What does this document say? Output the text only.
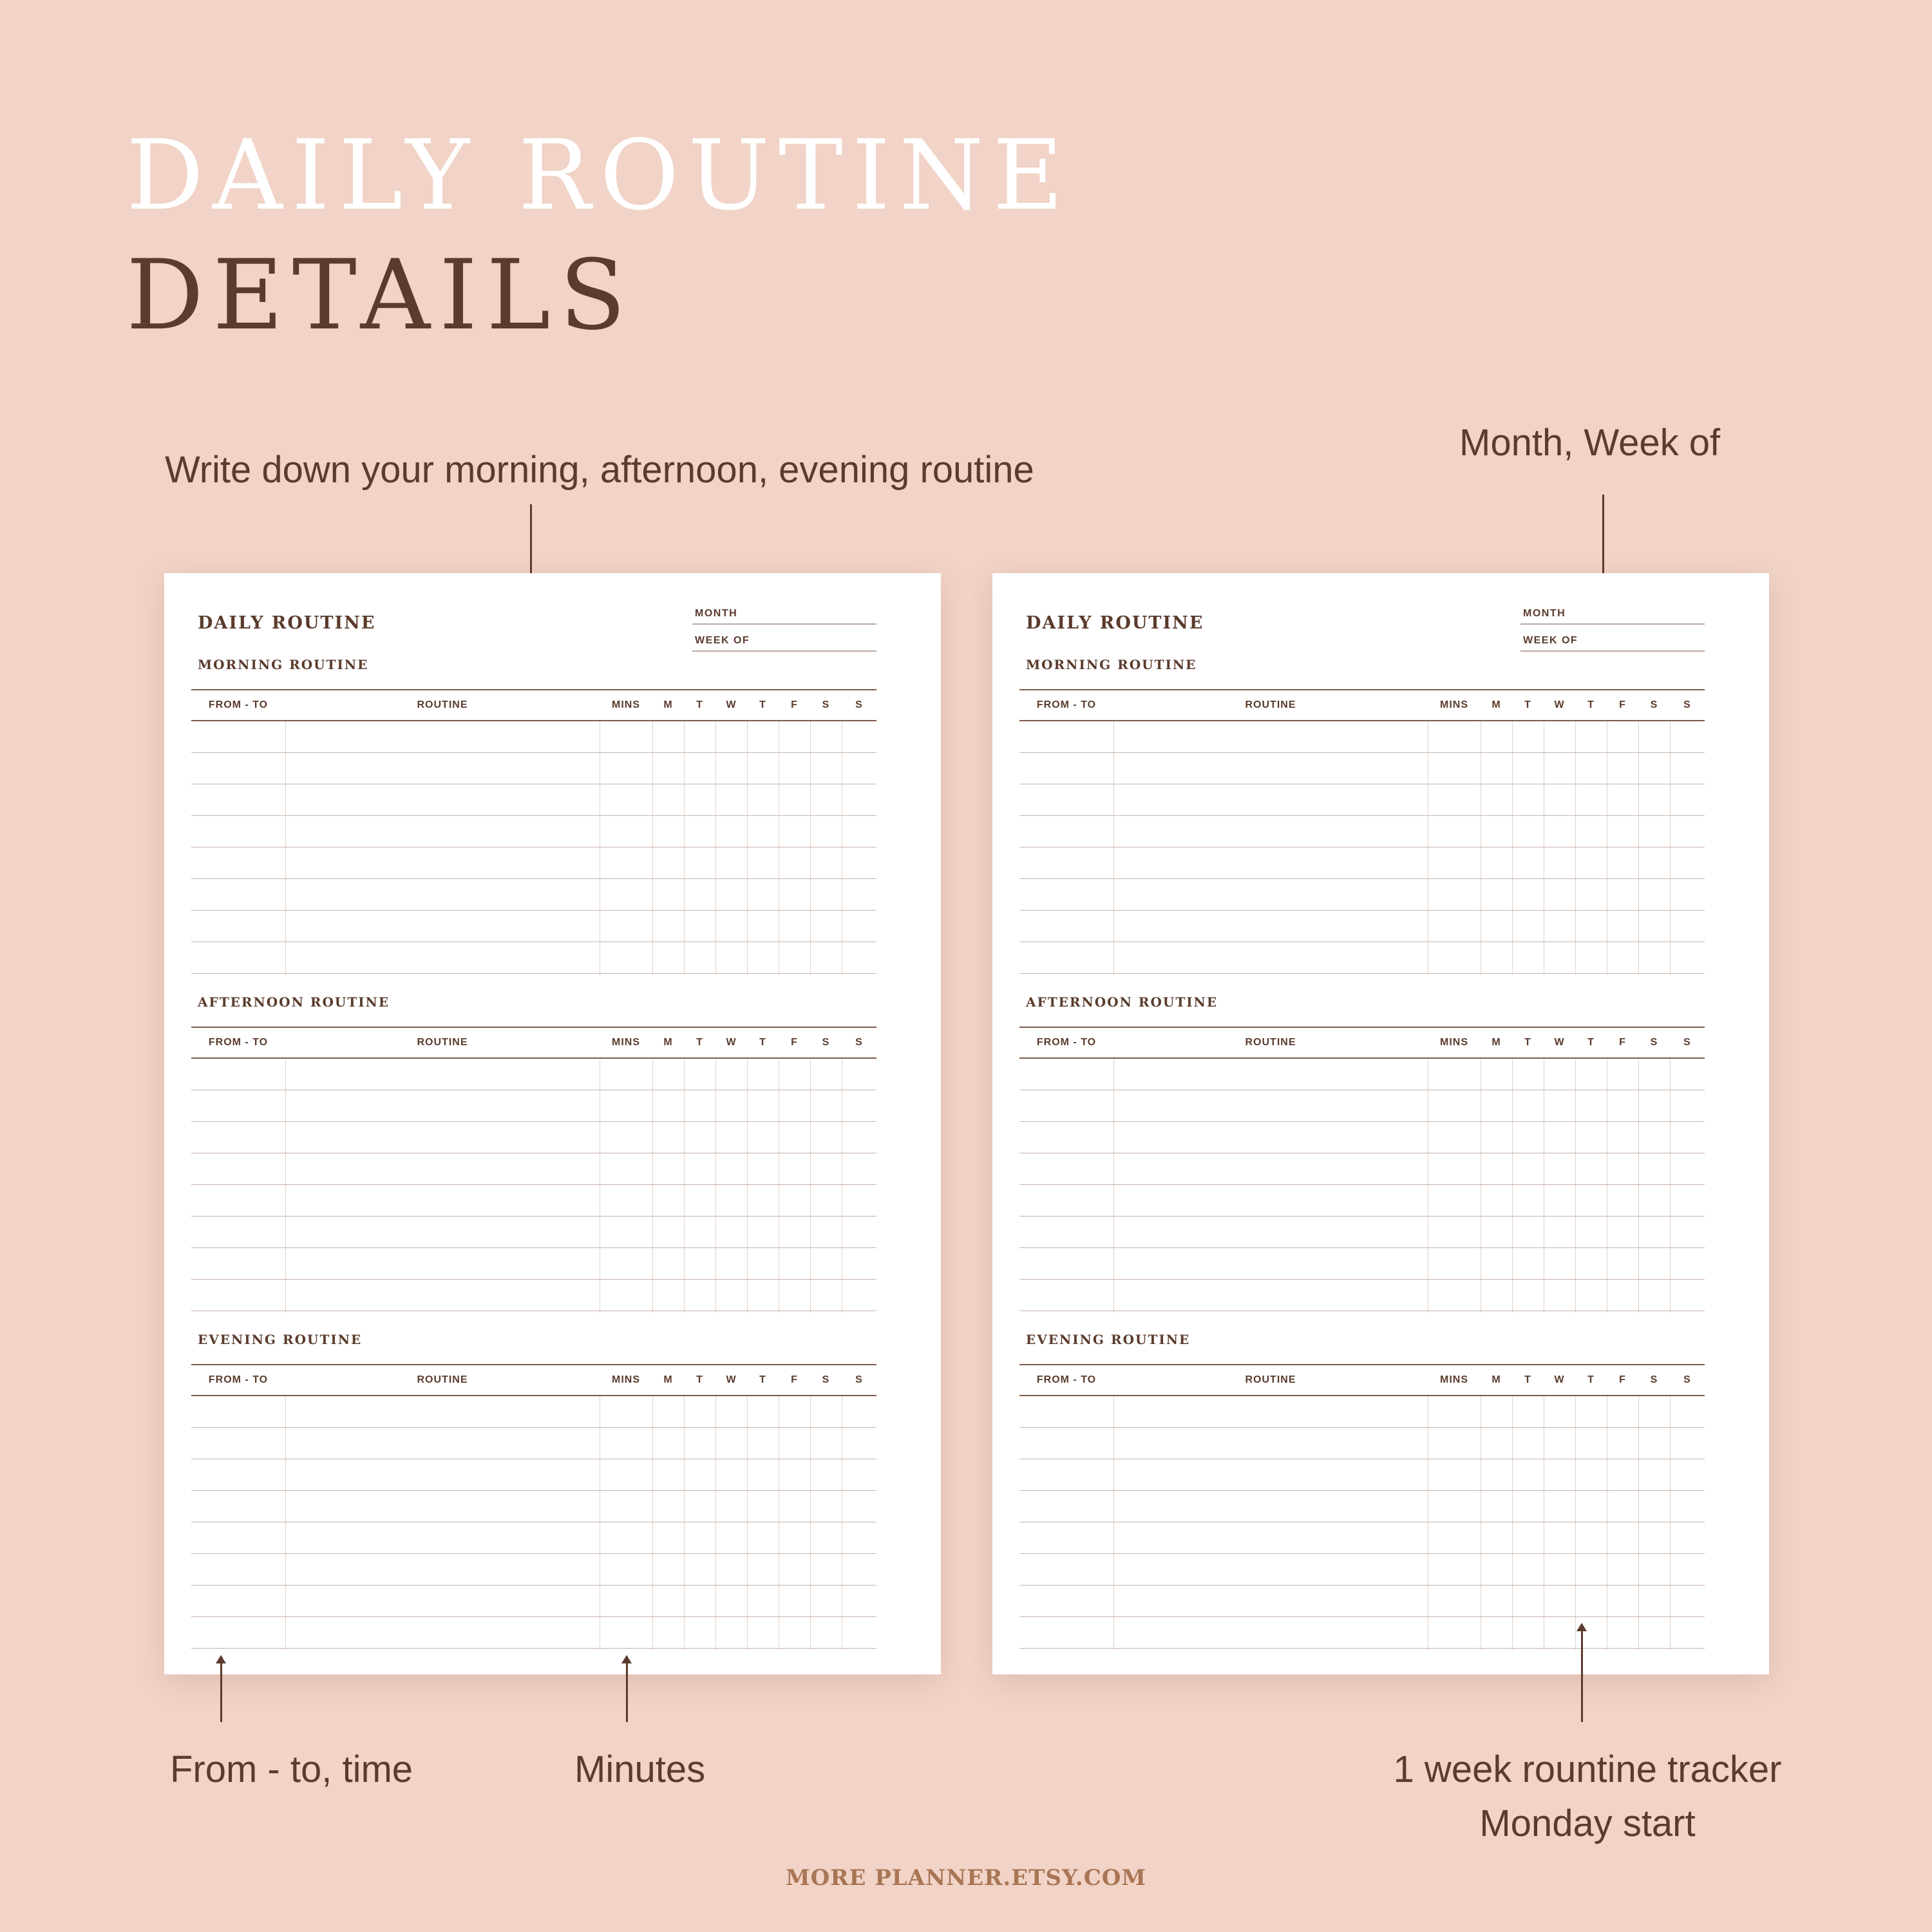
DAILY ROUTINE
DETAILS
Write down your morning, afternoon, evening routine
Month, Week of
DAILY ROUTINE	MONTH
WEEK OF
MORNING ROUTINE
FROM - TO	ROUTINE	MINS	M	T	W	T	F	S	S
AFTERNOON ROUTINE
FROM - TO	ROUTINE	MINS	M	T	W	T	F	S	S
EVENING ROUTINE
FROM - TO	ROUTINE	MINS	M	T	W	T	F	S	S
DAILY ROUTINE	MONTH
WEEK OF
MORNING ROUTINE
FROM - TO	ROUTINE	MINS	M	T	W	T	F	S	S
AFTERNOON ROUTINE
FROM - TO	ROUTINE	MINS	M	T	W	T	F	S	S
EVENING ROUTINE
FROM - TO	ROUTINE	MINS	M	T	W	T	F	S	S
From - to, time	Minutes	1 week rountine tracker
Monday start
MORE PLANNER.ETSY.COM
